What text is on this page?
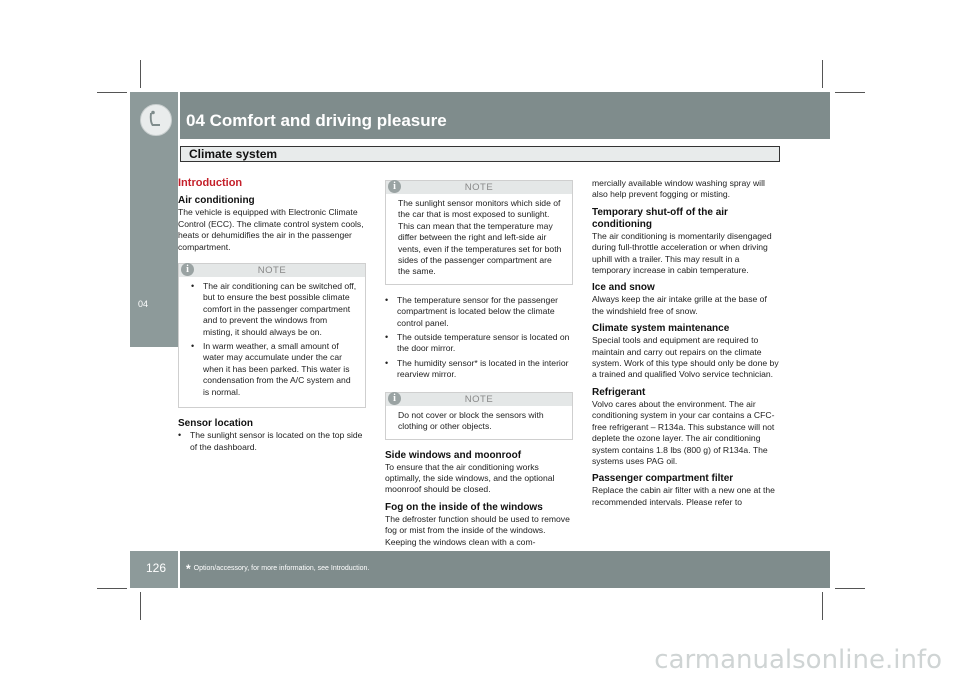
04
04 Comfort and driving pleasure
Climate system
Introduction
Air conditioning

The vehicle is equipped with Electronic Climate Control (ECC). The climate control system cools, heats or dehumidifies the air in the passenger compartment.

i	NOTE
• The air conditioning can be switched off, but to ensure the best possible climate comfort in the passenger compartment and to prevent the windows from misting, it should always be on.
• In warm weather, a small amount of water may accumulate under the car when it has been parked. This water is condensation from the A/C system and is normal.
Sensor location
• The sunlight sensor is located on the top side of the dashboard.
i	NOTE

The sunlight sensor monitors which side of the car that is most exposed to sunlight. This can mean that the temperature may differ between the right and left-side air vents, even if the temperatures set for both sides of the passenger compartment are the same.

• The temperature sensor for the passenger compartment is located below the climate control panel.
• The outside temperature sensor is located on the door mirror.
• The humidity sensor* is located in the interior rearview mirror.
i	NOTE

Do not cover or block the sensors with clothing or other objects.

Side windows and moonroof

To ensure that the air conditioning works optimally, the side windows, and the optional moonroof should be closed.

Fog on the inside of the windows

The defroster function should be used to remove fog or mist from the inside of the windows. Keeping the windows clean with a com-

mercially available window washing spray will also help prevent fogging or misting.

Temporary shut-off of the air conditioning

The air conditioning is momentarily disengaged during full-throttle acceleration or when driving uphill with a trailer. This may result in a temporary increase in cabin temperature.

Ice and snow

Always keep the air intake grille at the base of the windshield free of snow.

Climate system maintenance

Special tools and equipment are required to maintain and carry out repairs on the climate system. Work of this type should only be done by a trained and qualified Volvo service technician.

Refrigerant

Volvo cares about the environment. The air conditioning system in your car contains a CFC-free refrigerant – R134a. This substance will not deplete the ozone layer. The air conditioning system contains 1.8 lbs (800 g) of R134a. The systems uses PAG oil.

Passenger compartment filter

Replace the cabin air filter with a new one at the recommended intervals. Please refer to

126 * Option/accessory, for more information, see Introduction.
carmanualsonline.info
